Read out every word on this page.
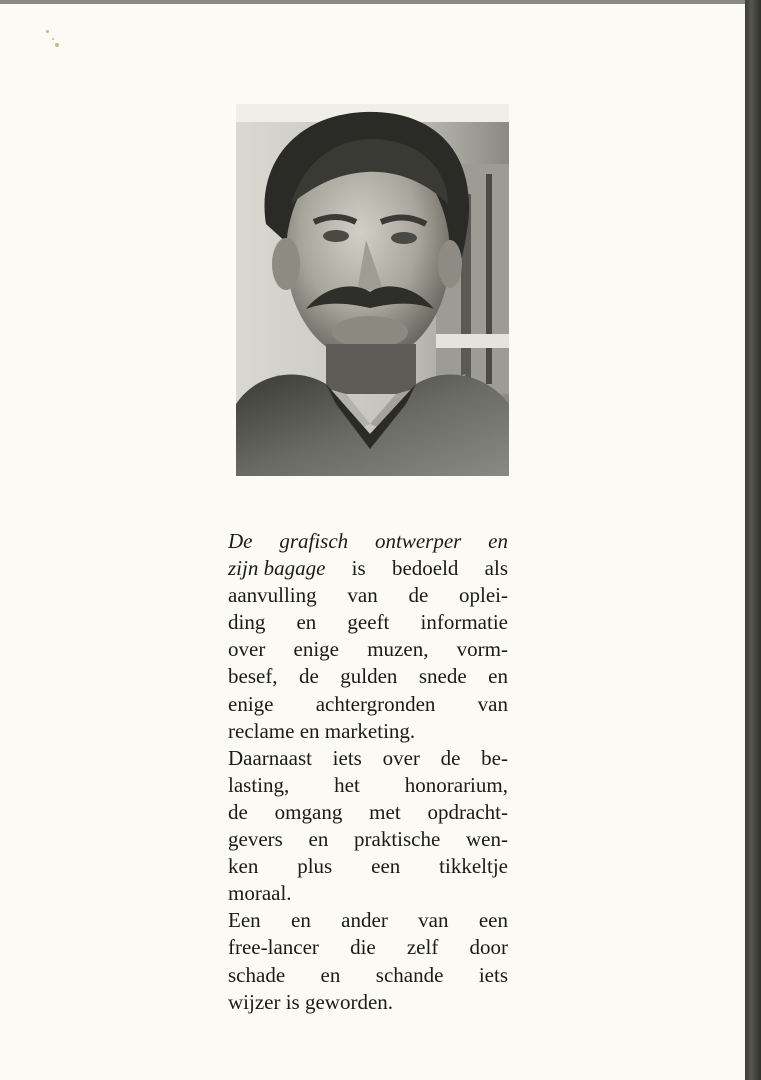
De grafisch ontwerper en
zijn bagage is bedoeld als
aanvulling van de oplei-
ding en geeft informatie
over enige muzen, vorm-
besef, de gulden snede en
enige achtergronden van
reclame en marketing.
Daarnaast iets over de be-
lasting, het honorarium,
de omgang met opdracht-
gevers en praktische wen-
ken plus een tikkeltje
moraal.
Een en ander van een
free-lancer die zelf door
schade en schande iets
wijzer is geworden.
